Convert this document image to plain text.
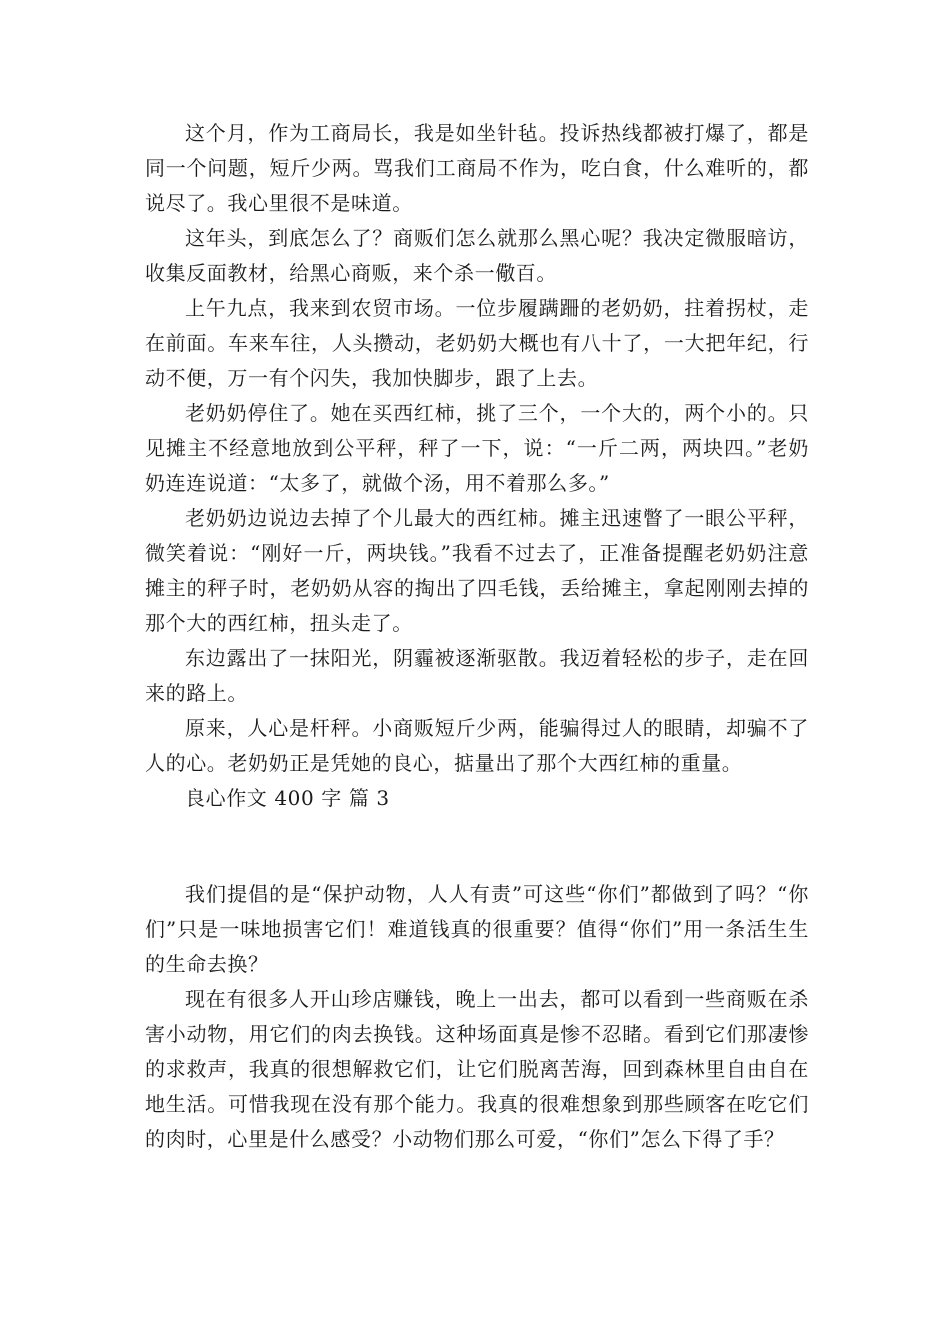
这个月，作为工商局长，我是如坐针毡。投诉热线都被打爆了，都是同一个问题，短斤少两。骂我们工商局不作为，吃白食，什么难听的，都说尽了。我心里很不是味道。

这年头，到底怎么了？商贩们怎么就那么黑心呢？我决定微服暗访，收集反面教材，给黑心商贩，来个杀一儆百。

上午九点，我来到农贸市场。一位步履蹒跚的老奶奶，拄着拐杖，走在前面。车来车往，人头攒动，老奶奶大概也有八十了，一大把年纪，行动不便，万一有个闪失，我加快脚步，跟了上去。

老奶奶停住了。她在买西红柿，挑了三个，一个大的，两个小的。只见摊主不经意地放到公平秤，秤了一下，说：“一斤二两，两块四。”老奶奶连连说道：“太多了，就做个汤，用不着那么多。”

老奶奶边说边去掉了个儿最大的西红柿。摊主迅速瞥了一眼公平秤，微笑着说：“刚好一斤，两块钱。”我看不过去了，正准备提醒老奶奶注意摊主的秤子时，老奶奶从容的掏出了四毛钱，丢给摊主，拿起刚刚去掉的那个大的西红柿，扭头走了。

东边露出了一抹阳光，阴霾被逐渐驱散。我迈着轻松的步子，走在回来的路上。

原来，人心是杆秤。小商贩短斤少两，能骗得过人的眼睛，却骗不了人的心。老奶奶正是凭她的良心，掂量出了那个大西红柿的重量。

良心作文 400 字 篇 3

我们提倡的是“保护动物，人人有责”可这些“你们”都做到了吗？“你们”只是一味地损害它们！难道钱真的很重要？值得“你们”用一条活生生的生命去换？

现在有很多人开山珍店赚钱，晚上一出去，都可以看到一些商贩在杀害小动物，用它们的肉去换钱。这种场面真是惨不忍睹。看到它们那凄惨的求救声，我真的很想解救它们，让它们脱离苦海，回到森林里自由自在地生活。可惜我现在没有那个能力。我真的很难想象到那些顾客在吃它们的肉时，心里是什么感受？小动物们那么可爱，“你们”怎么下得了手？
